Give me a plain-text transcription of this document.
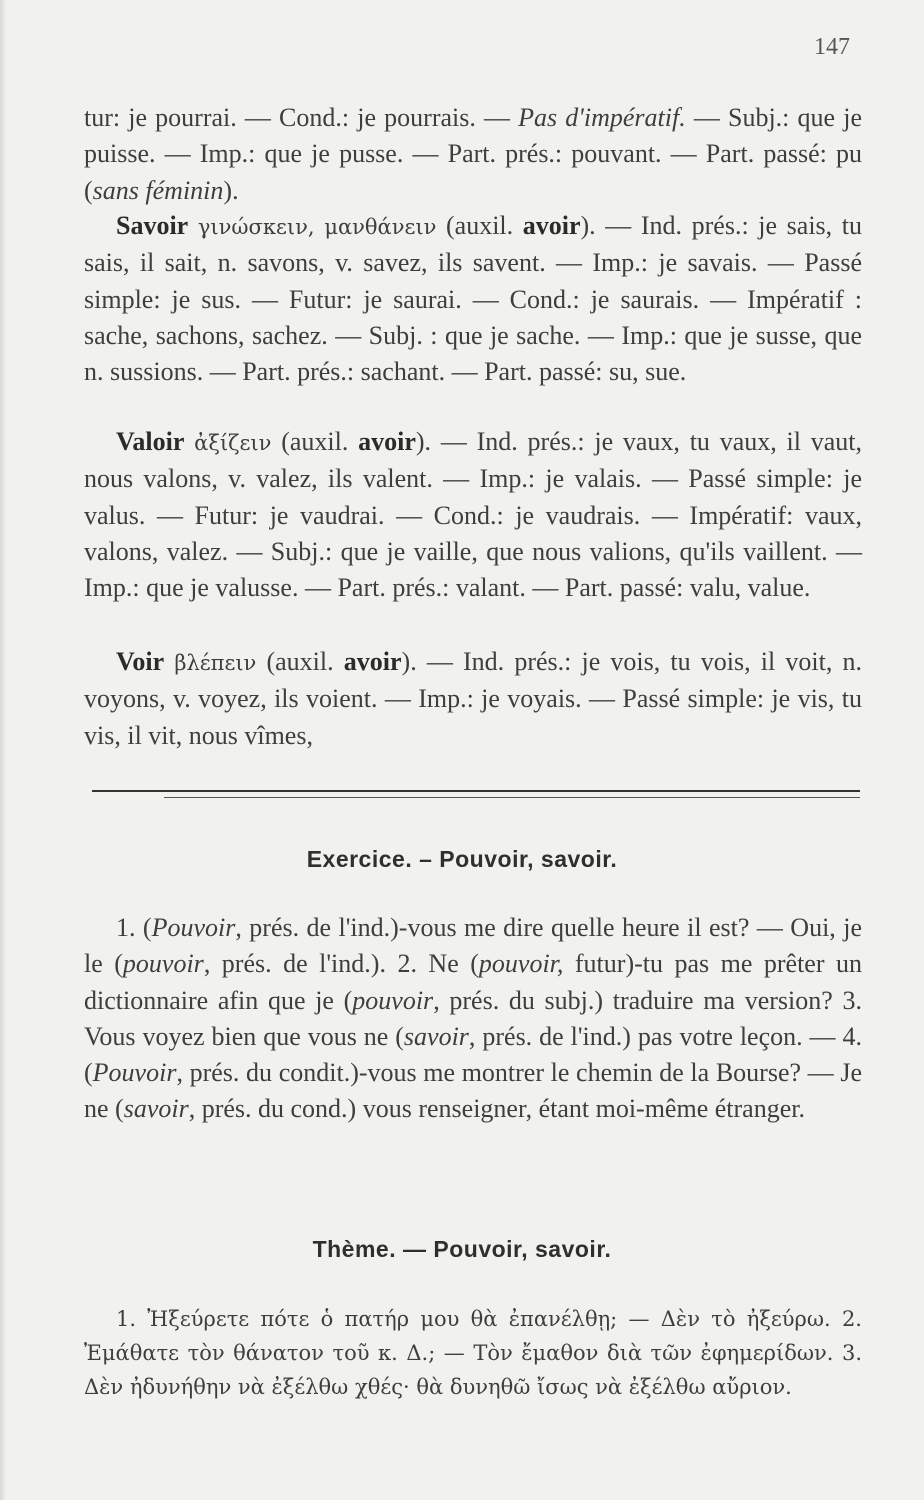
147
tur: je pourrai. — Cond.: je pourrais. — Pas d'impératif. — Subj.: que je puisse. — Imp.: que je pusse. — Part. prés.: pouvant. — Part. passé: pu (sans féminin).
Savoir γινώσκειν, μανθάνειν (auxil. avoir). — Ind. prés.: je sais, tu sais, il sait, n. savons, v. savez, ils savent. — Imp.: je savais. — Passé simple: je sus. — Futur: je saurai. — Cond.: je saurais. — Impératif : sache, sachons, sachez. — Subj. : que je sache. — Imp.: que je susse, que n. sussions. — Part. prés.: sachant. — Part. passé: su, sue.
Valoir ἀξίζειν (auxil. avoir). — Ind. prés.: je vaux, tu vaux, il vaut, nous valons, v. valez, ils valent. — Imp.: je valais. — Passé simple: je valus. — Futur: je vaudrai. — Cond.: je vaudrais. — Impératif: vaux, valons, valez. — Subj.: que je vaille, que nous valions, qu'ils vaillent. — Imp.: que je valusse. — Part. prés.: valant. — Part. passé: valu, value.
Voir βλέπειν (auxil. avoir). — Ind. prés.: je vois, tu vois, il voit, n. voyons, v. voyez, ils voient. — Imp.: je voyais. — Passé simple: je vis, tu vis, il vit, nous vîmes,
Exercice. – Pouvoir, savoir.
1. (Pouvoir, prés. de l'ind.)-vous me dire quelle heure il est? — Oui, je le (pouvoir, prés. de l'ind.). 2. Ne (pouvoir, futur)-tu pas me prêter un dictionnaire afin que je (pouvoir, prés. du subj.) traduire ma version? 3. Vous voyez bien que vous ne (savoir, prés. de l'ind.) pas votre leçon. — 4. (Pouvoir, prés. du condit.)-vous me montrer le chemin de la Bourse? — Je ne (savoir, prés. du cond.) vous renseigner, étant moi-même étranger.
Thème. — Pouvoir, savoir.
1. Ἠξεύρετε πότε ὁ πατήρ μου θὰ ἐπανέλθῃ; — Δὲν τὸ ἠξεύρω. 2. Ἐμάθατε τὸν θάνατον τοῦ κ. Δ.; — Τὸν ἔμαθον διὰ τῶν ἐφημερίδων. 3. Δὲν ἠδυνήθην νὰ ἐξέλθω χθές· θὰ δυνηθῶ ἴσως νὰ ἐξέλθω αὔριον.
